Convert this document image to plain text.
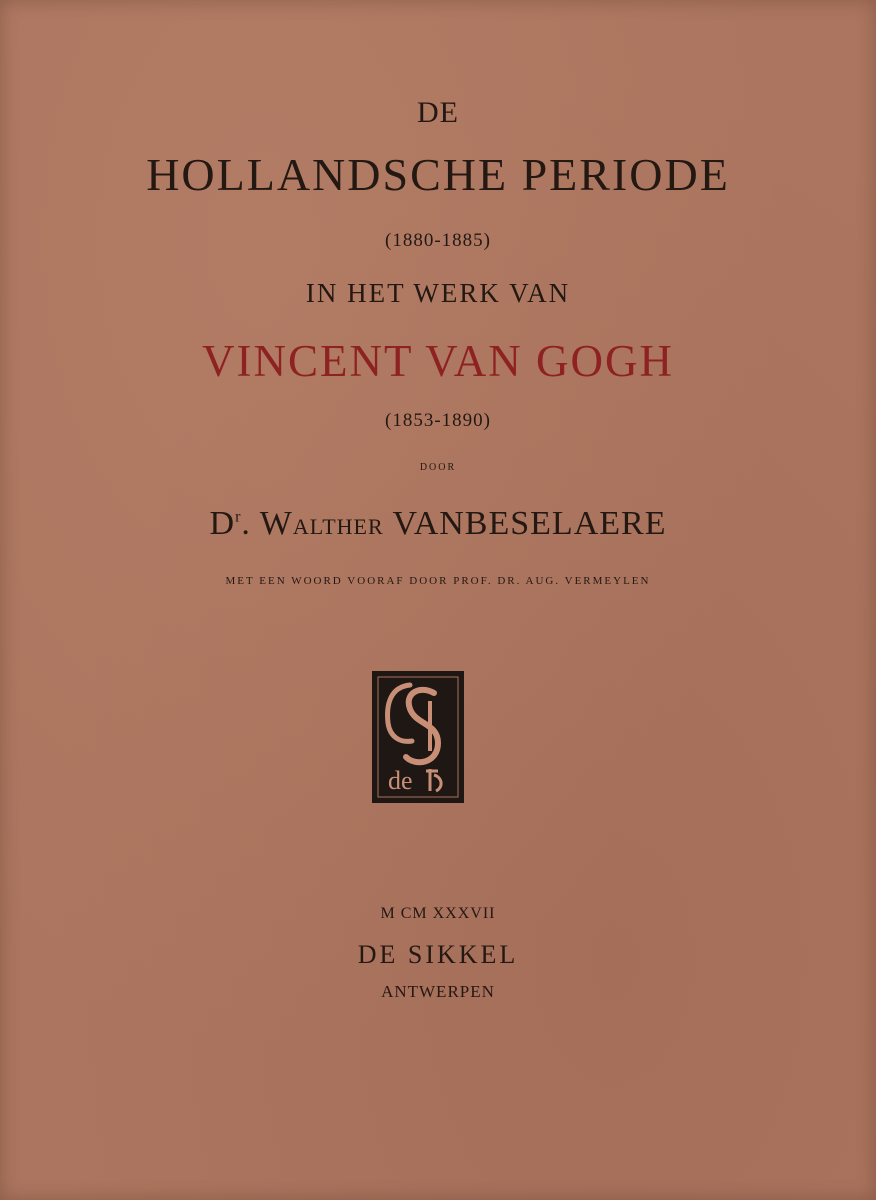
DE
HOLLANDSCHE PERIODE
(1880-1885)
IN HET WERK VAN
VINCENT VAN GOGH
(1853-1890)
DOOR
$D^r$. WALTHER VANBESELAERE
MET EEN WOORD VOORAF DOOR PROF. DR. AUG. VERMEYLEN
de
M CM XXXVII
DE SIKKEL
ANTWERPEN
